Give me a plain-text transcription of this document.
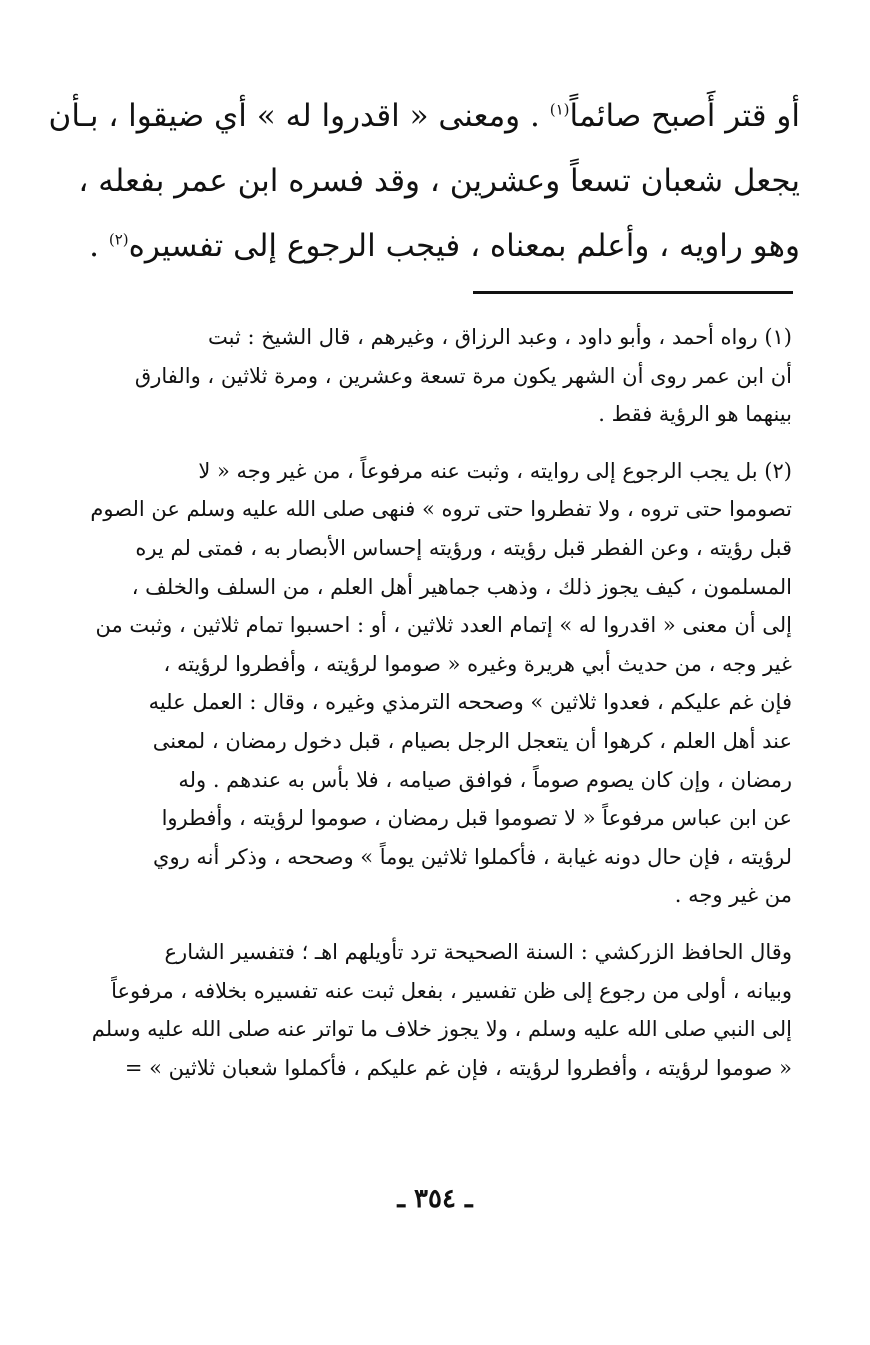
أو قتر أَصبح صائماً$^{(١)}$ . ومعنى « اقدروا له » أي ضيقوا ، بـأن
يجعل شعبان تسعاً وعشرين ، وقد فسره ابن عمر بفعله ،
وهو راويه ، وأعلم بمعناه ، فيجب الرجوع إلى تفسيره$^{(٢)}$ .
(١) رواه أحمد ، وأبو داود ، وعبد الرزاق ، وغيرهم ، قال الشيخ : ثبت
أن ابن عمر روى أن الشهر يكون مرة تسعة وعشرين ، ومرة ثلاثين ، والفارق
بينهما هو الرؤية فقط .
(٢) بل يجب الرجوع إلى روايته ، وثبت عنه مرفوعاً ، من غير وجه « لا
تصوموا حتى تروه ، ولا تفطروا حتى تروه » فنهى صلى الله عليه وسلم عن الصوم
قبل رؤيته ، وعن الفطر قبل رؤيته ، ورؤيته إحساس الأبصار به ، فمتى لم يره
المسلمون ، كيف يجوز ذلك ، وذهب جماهير أهل العلم ، من السلف والخلف ،
إلى أن معنى « اقدروا له » إتمام العدد ثلاثين ، أو : احسبوا تمام ثلاثين ، وثبت من
غير وجه ، من حديث أبي هريرة وغيره « صوموا لرؤيته ، وأفطروا لرؤيته ،
فإن غم عليكم ، فعدوا ثلاثين » وصححه الترمذي وغيره ، وقال : العمل عليه
عند أهل العلم ، كرهوا أن يتعجل الرجل بصيام ، قبل دخول رمضان ، لمعنى
رمضان ، وإن كان يصوم صوماً ، فوافق صيامه ، فلا بأس به عندهم . وله
عن ابن عباس مرفوعاً « لا تصوموا قبل رمضان ، صوموا لرؤيته ، وأفطروا
لرؤيته ، فإن حال دونه غيابة ، فأكملوا ثلاثين يوماً » وصححه ، وذكر أنه روي
من غير وجه .
وقال الحافظ الزركشي : السنة الصحيحة ترد تأويلهم اهـ ؛ فتفسير الشارع
وبيانه ، أولى من رجوع إلى ظن تفسير ، بفعل ثبت عنه تفسيره بخلافه ، مرفوعاً
إلى النبي صلى الله عليه وسلم ، ولا يجوز خلاف ما تواتر عنه صلى الله عليه وسلم
« صوموا لرؤيته ، وأفطروا لرؤيته ، فإن غم عليكم ، فأكملوا شعبان ثلاثين » =
ـ ٣٥٤ ـ
